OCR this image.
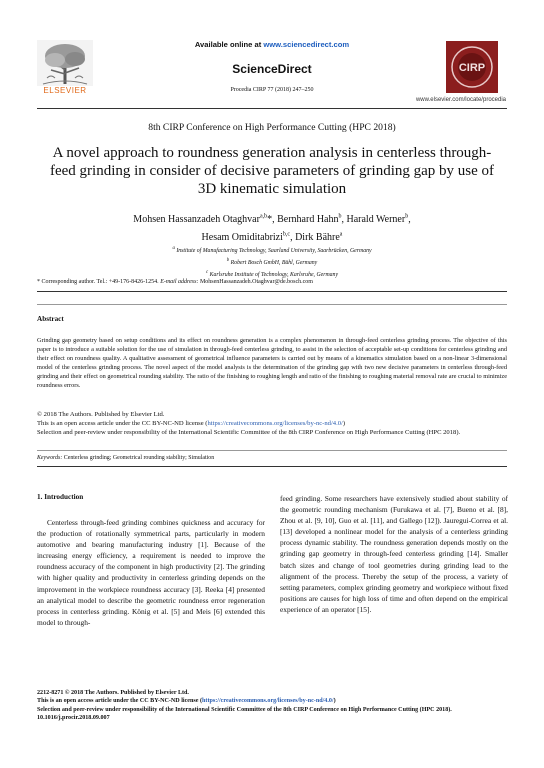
ELSEVIER
Available online at www.sciencedirect.com
ScienceDirect
Procedia CIRP 77 (2018) 247–250
CIRP
www.elsevier.com/locate/procedia
8th CIRP Conference on High Performance Cutting (HPC 2018)
A novel approach to roundness generation analysis in centerless through-feed grinding in consider of decisive parameters of grinding gap by use of 3D kinematic simulation
Mohsen Hassanzadeh Otaghvar$^{a,b}$*, Bernhard Hahn$^b$, Harald Werner$^b$,
Hesam Omiditabrizi$^{b,c}$, Dirk Bähre$^a$
$^a$ Institute of Manufacturing Technology, Saarland University, Saarbrücken, Germany
$^b$ Robert Bosch GmbH, Bühl, Germany
$^c$ Karlsruhe Institute of Technology, Karlsruhe, Germany
* Corresponding author. Tel.: +49-176-8426-1254. E-mail address: MohsenHassanzadeh.Otaghvar@de.bosch.com
Abstract
Grinding gap geometry based on setup conditions and its effect on roundness generation is a complex phenomenon in through-feed centerless grinding process. The objective of this paper is to introduce a suitable solution for the use of simulation in through-feed centerless grinding, to assist in the selection of acceptable set-up conditions for centerless grinding and their effect on roundness quality. A qualitative assessment of geometrical influence parameters is carried out by means of a kinematics simulation based on a non-linear 3-dimensional model of the centerless grinding process. The novel aspect of the model analysis is the determination of the grinding gap with two new decisive parameters in centerless through-feed grinding and their effect on geometrical rounding stability. The ratio of the finishing to roughing length and ratio of the finishing to roughing material removal rate are crucial to minimize roundness errors.
© 2018 The Authors. Published by Elsevier Ltd.
This is an open access article under the CC BY-NC-ND license (https://creativecommons.org/licenses/by-nc-nd/4.0/)
Selection and peer-review under responsibility of the International Scientific Committee of the 8th CIRP Conference on High Performance Cutting (HPC 2018).
Keywords: Centerless grinding; Geometrical rounding stability; Simulation
1. Introduction

Centerless through-feed grinding combines quickness and accuracy for the production of rotationally symmetrical parts, particularly in modern automotive and bearing manufacturing industry [1]. Because of the increasing energy efficiency, a requirement is needed to improve the roundness accuracy of the component in high productivity [2]. The grinding with higher quality and productivity in centerless grinding depends on the improvement in the workpiece roundness accuracy [3]. Reeka [4] presented an analytical model to describe the geometric roundness error regeneration process in centerless grinding. König et al. [5] and Meis [6] extended this model to through-

feed grinding. Some researchers have extensively studied about stability of the geometric rounding mechanism (Furukawa et al. [7], Bueno et al. [8], Zhou et al. [9, 10], Guo et al. [11], and Gallego [12]). Jauregui-Correa et al. [13] developed a nonlinear model for the analysis of a centerless grinding process dynamic stability. The roundness generation depends mostly on the grinding gap geometry in through-feed centerless grinding [14]. Smaller batch sizes and change of tool geometries during grinding lead to the alignment of the process. Thereby the setup of the process, a variety of setting parameters, complex grinding geometry and workpiece without fixed positions are causes for high loss of time and often depend on the empirical experience of an operator [15].

2212-8271 © 2018 The Authors. Published by Elsevier Ltd.
This is an open access article under the CC BY-NC-ND license (https://creativecommons.org/licenses/by-nc-nd/4.0/)
Selection and peer-review under responsibility of the International Scientific Committee of the 8th CIRP Conference on High Performance Cutting (HPC 2018).
10.1016/j.procir.2018.09.007
